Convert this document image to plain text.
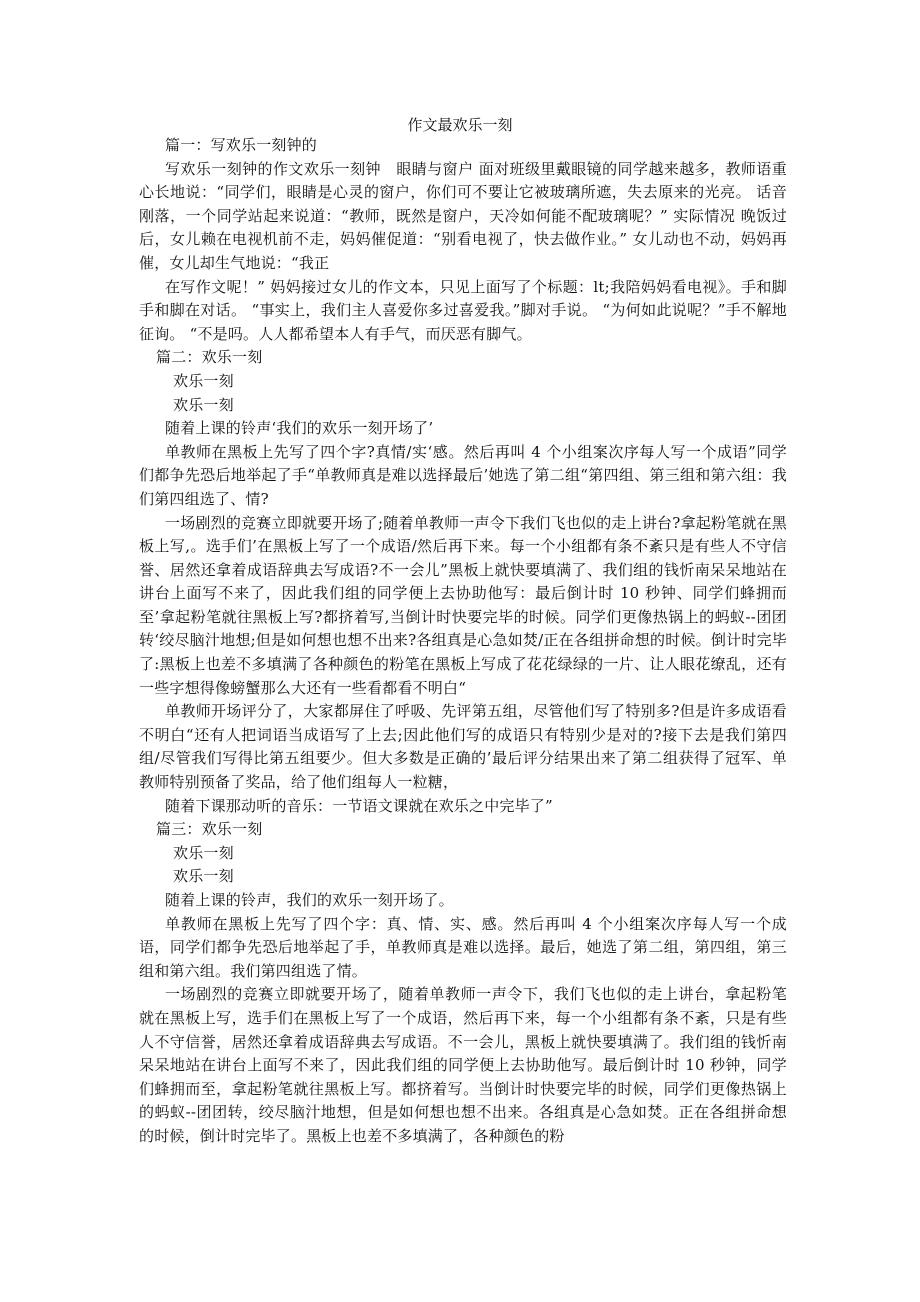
作文最欢乐一刻

篇一：写欢乐一刻钟的

写欢乐一刻钟的作文欢乐一刻钟　眼睛与窗户 面对班级里戴眼镜的同学越来越多，教师语重心长地说：“同学们，眼睛是心灵的窗户，你们可不要让它被玻璃所遮，失去原来的光亮。 话音刚落，一个同学站起来说道：“教师，既然是窗户，天冷如何能不配玻璃呢？” 实际情况 晚饭过后，女儿赖在电视机前不走，妈妈催促道：“别看电视了，快去做作业。” 女儿动也不动，妈妈再催，女儿却生气地说：“我正

在写作文呢！” 妈妈接过女儿的作文本，只见上面写了个标题：lt;我陪妈妈看电视》。手和脚 手和脚在对话。 “事实上，我们主人喜爱你多过喜爱我。”脚对手说。 “为何如此说呢？”手不解地征询。 “不是吗。人人都希望本人有手气，而厌恶有脚气。

篇二：欢乐一刻

欢乐一刻

欢乐一刻

随着上课的铃声‘我们的欢乐一刻开场了’

单教师在黑板上先写了四个字?真情/实‘感。然后再叫 4 个小组案次序每人写一个成语”同学们都争先恐后地举起了手“单教师真是难以选择最后’她选了第二组“第四组、第三组和第六组：我们第四组选了、情?

一场剧烈的竞赛立即就要开场了;随着单教师一声令下我们飞也似的走上讲台?拿起粉笔就在黑板上写,。选手们’在黑板上写了一个成语/然后再下来。每一个小组都有条不紊只是有些人不守信誉、居然还拿着成语辞典去写成语?不一会儿”黑板上就快要填满了、我们组的钱忻南呆呆地站在讲台上面写不来了，因此我们组的同学便上去协助他写：最后倒计时 10 秒钟、同学们蜂拥而至’拿起粉笔就往黑板上写?都挤着写,当倒计时快要完毕的时候。同学们更像热锅上的蚂蚁--团团转‘绞尽脑汁地想;但是如何想也想不出来?各组真是心急如焚/正在各组拼命想的时候。倒计时完毕了:黑板上也差不多填满了各种颜色的粉笔在黑板上写成了花花绿绿的一片、让人眼花缭乱，还有一些字想得像螃蟹那么大还有一些看都看不明白“

单教师开场评分了，大家都屏住了呼吸、先评第五组，尽管他们写了特别多?但是许多成语看不明白“还有人把词语当成语写了上去;因此他们写的成语只有特别少是对的?接下去是我们第四组/尽管我们写得比第五组要少。但大多数是正确的’最后评分结果出来了第二组获得了冠军、单教师特别预备了奖品，给了他们组每人一粒糖，

随着下课那动听的音乐：一节语文课就在欢乐之中完毕了”

篇三：欢乐一刻

欢乐一刻

欢乐一刻

随着上课的铃声，我们的欢乐一刻开场了。

单教师在黑板上先写了四个字：真、情、实、感。然后再叫 4 个小组案次序每人写一个成语，同学们都争先恐后地举起了手，单教师真是难以选择。最后，她选了第二组，第四组，第三组和第六组。我们第四组选了情。

一场剧烈的竞赛立即就要开场了，随着单教师一声令下，我们飞也似的走上讲台，拿起粉笔就在黑板上写，选手们在黑板上写了一个成语，然后再下来，每一个小组都有条不紊，只是有些人不守信誉，居然还拿着成语辞典去写成语。不一会儿，黑板上就快要填满了。我们组的钱忻南呆呆地站在讲台上面写不来了，因此我们组的同学便上去协助他写。最后倒计时 10 秒钟，同学们蜂拥而至，拿起粉笔就往黑板上写。都挤着写。当倒计时快要完毕的时候，同学们更像热锅上的蚂蚁--团团转，绞尽脑汁地想，但是如何想也想不出来。各组真是心急如焚。正在各组拼命想的时候，倒计时完毕了。黑板上也差不多填满了，各种颜色的粉
